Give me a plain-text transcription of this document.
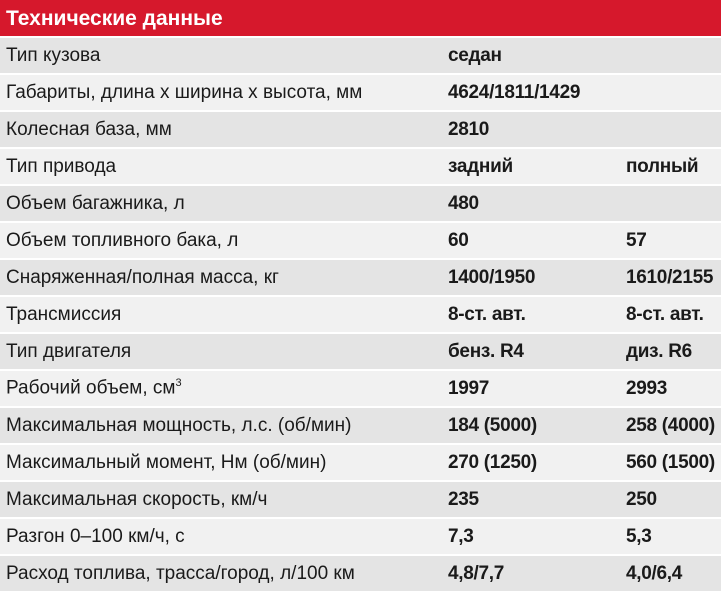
Технические данные
Тип кузова	седан
Габариты, длина х ширина х высота, мм	4624/1811/1429
Колесная база, мм	2810
Тип привода	задний	полный
Объем багажника, л	480
Объем топливного бака, л	60	57
Снаряженная/полная масса, кг	1400/1950	1610/2155
Трансмиссия	8-ст. авт.	8-ст. авт.
Тип двигателя	бенз. R4	диз. R6
Рабочий объем, $см^3$	1997	2993
Максимальная мощность, л.с. (об/мин)	184 (5000)	258 (4000)
Максимальный момент, Нм (об/мин)	270 (1250)	560 (1500)
Максимальная скорость, км/ч	235	250
Разгон 0–100 км/ч, с	7,3	5,3
Расход топлива, трасса/город, л/100 км	4,8/7,7	4,0/6,4
